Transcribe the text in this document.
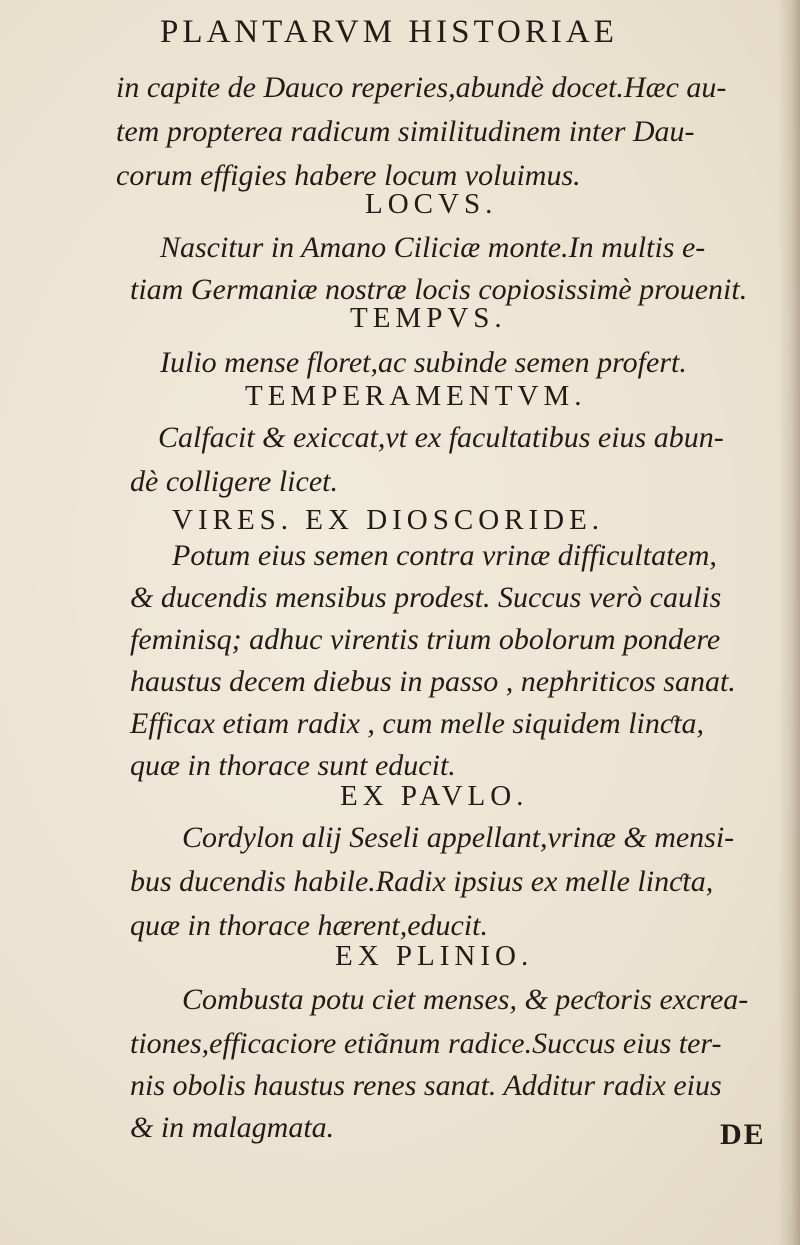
PLANTARVM HISTORIAE
in capite de Dauco reperies,abundè docet.Hæc au-
tem propterea radicum similitudinem inter Dau-
corum effigies habere locum voluimus.
LOCVS.
Nascitur in Amano Ciliciæ monte.In multis e-
tiam Germaniæ nostræ locis copiosissimè prouenit.
TEMPVS.
Iulio mense floret,ac subinde semen profert.
TEMPERAMENTVM.
Calfacit & exiccat,vt ex facultatibus eius abun-
dè colligere licet.
VIRES. EX DIOSCORIDE.
Potum eius semen contra vrinæ difficultatem,
& ducendis mensibus prodest. Succus verò caulis
feminisq; adhuc virentis trium obolorum pondere
haustus decem diebus in passo , nephriticos sanat.
Efficax etiam radix , cum melle siquidem linƈta,
quæ in thorace sunt educit.
EX PAVLO.
Cordylon alij Seseli appellant,vrinæ & mensi-
bus ducendis habile.Radix ipsius ex melle linƈta,
quæ in thorace hærent,educit.
EX PLINIO.
Combusta potu ciet menses, & peƈtoris excrea-
tiones,efficaciore etiãnum radice.Succus eius ter-
nis obolis haustus renes sanat. Additur radix eius
& in malagmata.	DE
